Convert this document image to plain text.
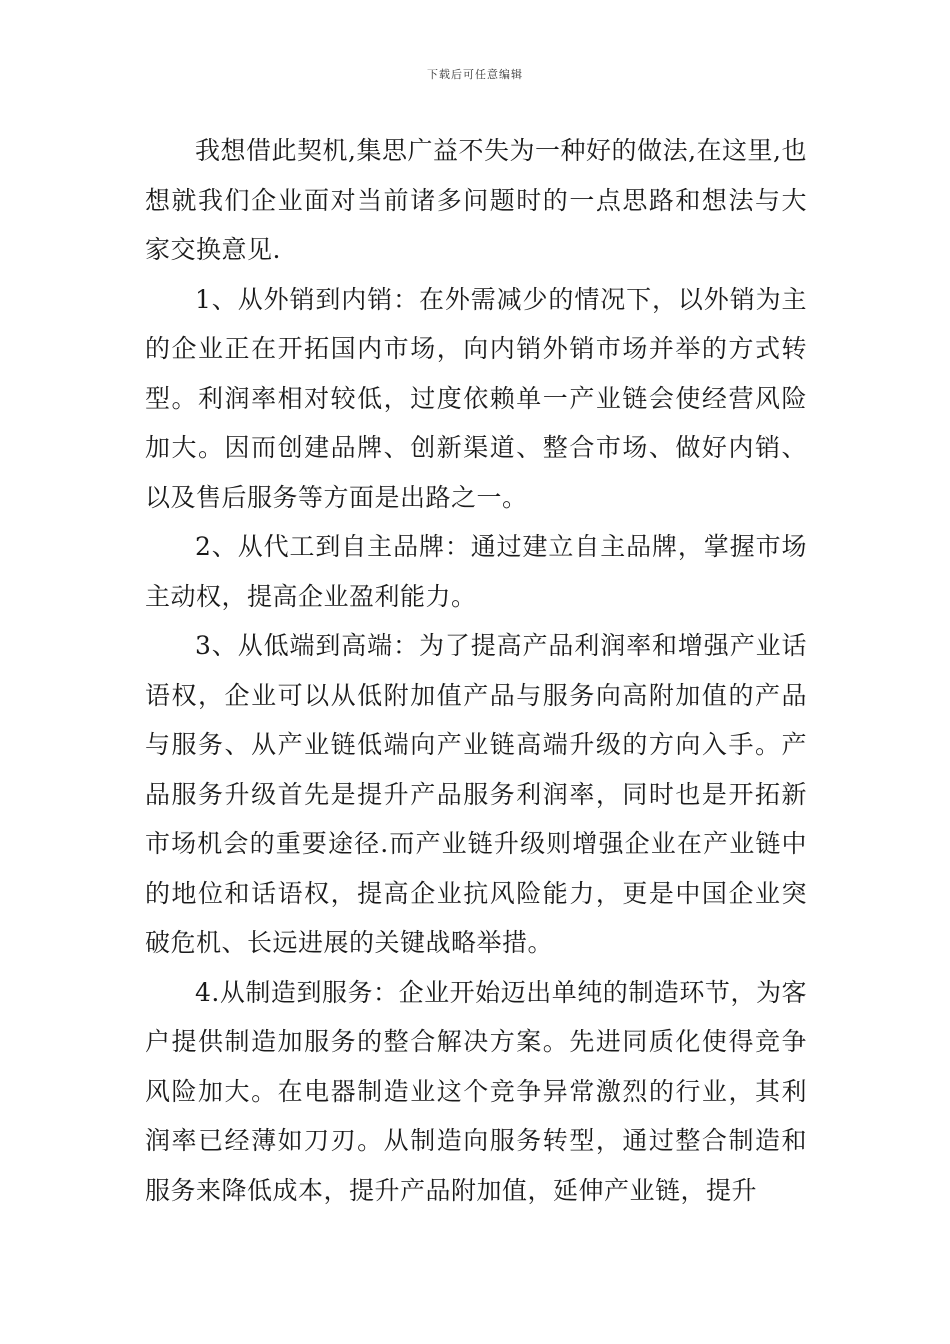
下载后可任意编辑

我想借此契机,集思广益不失为一种好的做法,在这里,也想就我们企业面对当前诸多问题时的一点思路和想法与大家交换意见.

1、从外销到内销：在外需减少的情况下，以外销为主的企业正在开拓国内市场，向内销外销市场并举的方式转型。利润率相对较低，过度依赖单一产业链会使经营风险加大。因而创建品牌、创新渠道、整合市场、做好内销、以及售后服务等方面是出路之一。

2、从代工到自主品牌：通过建立自主品牌，掌握市场主动权，提高企业盈利能力。

3、从低端到高端：为了提高产品利润率和增强产业话语权，企业可以从低附加值产品与服务向高附加值的产品与服务、从产业链低端向产业链高端升级的方向入手。产品服务升级首先是提升产品服务利润率，同时也是开拓新市场机会的重要途径.而产业链升级则增强企业在产业链中的地位和话语权，提高企业抗风险能力，更是中国企业突破危机、长远进展的关键战略举措。

4.从制造到服务：企业开始迈出单纯的制造环节，为客户提供制造加服务的整合解决方案。先进同质化使得竞争风险加大。在电器制造业这个竞争异常激烈的行业，其利润率已经薄如刀刃。从制造向服务转型，通过整合制造和服务来降低成本，提升产品附加值，延伸产业链，提升
